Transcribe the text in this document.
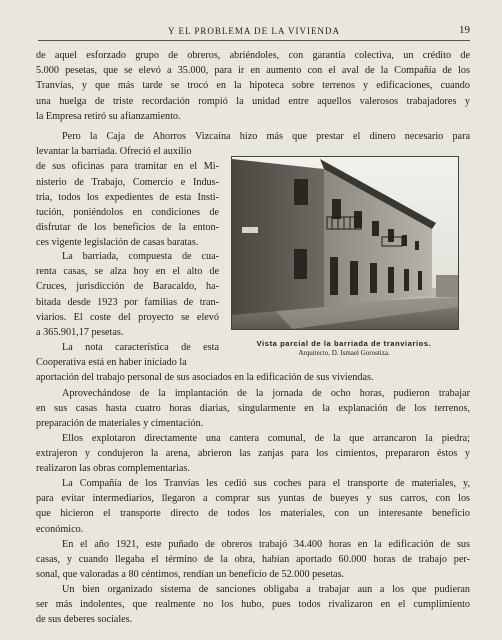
Y EL PROBLEMA DE LA VIVIENDA	19
de aquel esforzado grupo de obreros, abriéndoles, con garantía colectiva, un crédito de
5.000 pesetas, que se elevó a 35.000, para ir en aumento con el aval de la Compañía de los
Tranvías, y que más tarde se trocó en la hipoteca sobre terrenos y edificaciones, cuando
una huelga de triste recordación rompió la unidad entre aquellos valerosos trabajadores y
la Empresa retiró su afianzamiento.
Pero la Caja de Ahorros Vizcaína hizo más que prestar el dinero necesario para
levantar la barriada. Ofreció el auxilio
de sus oficinas para tramitar en el Mi-
nisterio de Trabajo, Comercio e Indus-
tria, todos los expedientes de esta Insti-
tución, poniéndolos en condiciones de
disfrutar de los beneficios de la enton-
ces vigente legislación de casas baratas.
La barriada, compuesta de cua-
renta casas, se alza hoy en el alto de
Cruces, jurisdicción de Baracaldo, ha-
bitada desde 1923 por familias de tran-
viarios. El coste del proyecto se elevó
a 365.901,17 pesetas.
La nota característica de esta
Cooperativa está en haber iniciado la
aportación del trabajo personal de sus asociados en la edificación de sus viviendas.
Aprovechándose de la implantación de la jornada de ocho horas, pudieron trabajar
en sus casas hasta cuatro horas diarias, singularmente en la explanación de los terrenos,
preparación de materiales y cimentación.
Ellos explotaron directamente una cantera comunal, de la que arrancaron la piedra;
extrajeron y condujeron la arena, abrieron las zanjas para los cimientos, prepararon éstos y
realizaron las obras complementarias.
La Compañía de los Tranvías les cedió sus coches para el transporte de materiales, y,
para evitar intermediarios, llegaron a comprar sus yuntas de bueyes y sus carros, con los
que hicieron el transporte directo de todos los materiales, con un interesante beneficio
económico.
En el año 1921, este puñado de obreros trabajó 34.400 horas en la edificación de sus
casas, y cuando llegaba el término de la obra, habían aportado 60.000 horas de trabajo per-
sonal, que valoradas a 80 céntimos, rendían un beneficio de 52.000 pesetas.
Un bien organizado sistema de sanciones obligaba a trabajar aun a los que pudieran
ser más indolentes, que realmente no los hubo, pues todos rivalizaron en el cumplimiento
de sus deberes sociales.
Vista parcial de la barriada de tranviarios.
Arquitecto, D. Ismael Gorostiza.
